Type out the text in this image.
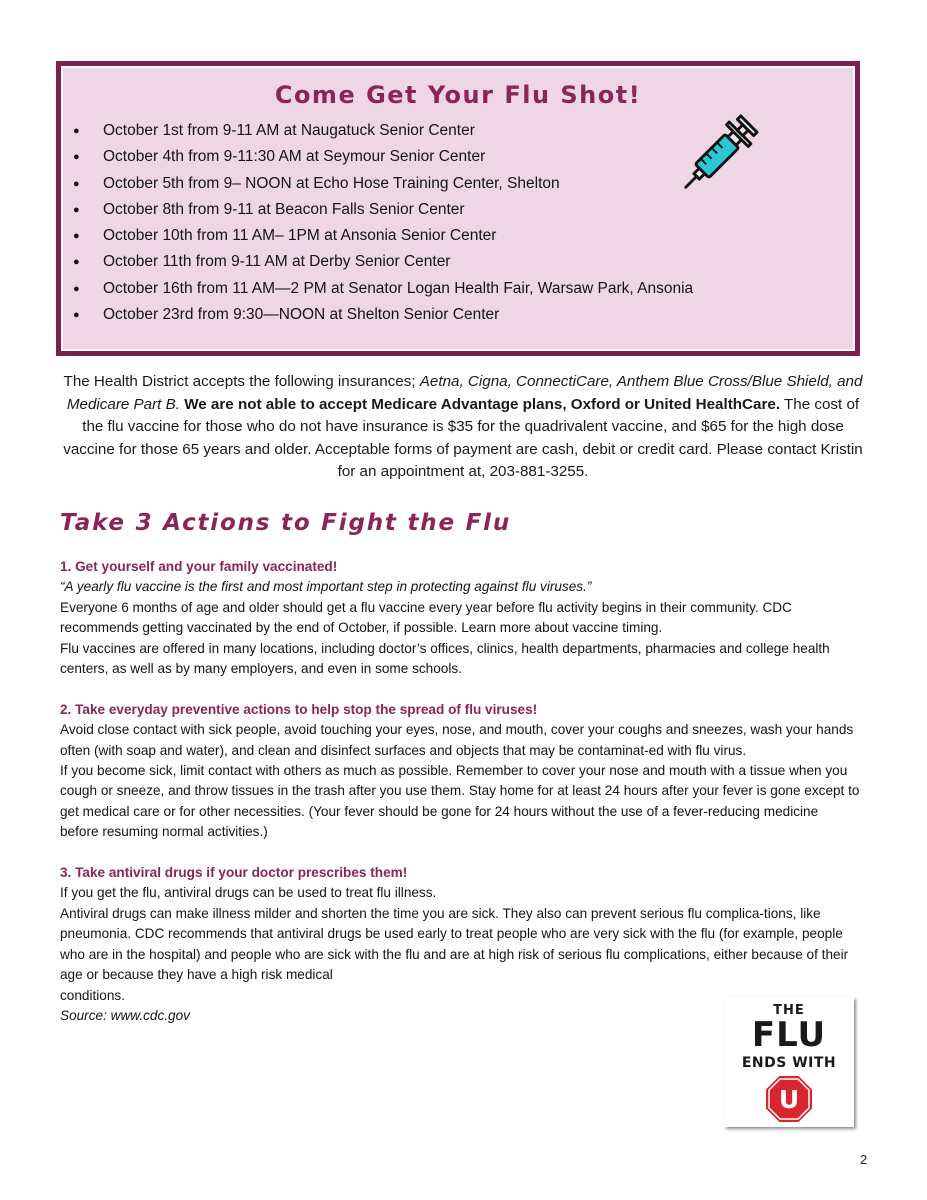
Come Get Your Flu Shot!
● October 1st from 9-11 AM at Naugatuck Senior Center
● October 4th from 9-11:30 AM at Seymour Senior Center
● October 5th from 9– NOON at Echo Hose Training Center, Shelton
● October 8th from 9-11 at Beacon Falls Senior Center
● October 10th from 11 AM– 1PM at Ansonia Senior Center
● October 11th from 9-11 AM at Derby Senior Center
● October 16th from 11 AM—2 PM at Senator Logan Health Fair, Warsaw Park, Ansonia
● October 23rd from 9:30—NOON at Shelton Senior Center
The Health District accepts the following insurances; Aetna, Cigna, ConnectiCare, Anthem Blue Cross/Blue Shield, and Medicare Part B. We are not able to accept Medicare Advantage plans, Oxford or United HealthCare. The cost of the flu vaccine for those who do not have insurance is $35 for the quadrivalent vaccine, and $65 for the high dose vaccine for those 65 years and older. Acceptable forms of payment are cash, debit or credit card. Please contact Kristin for an appointment at, 203-881-3255.
Take 3 Actions to Fight the Flu

1. Get yourself and your family vaccinated!

“A yearly flu vaccine is the first and most important step in protecting against flu viruses.”

Everyone 6 months of age and older should get a flu vaccine every year before flu activity begins in their community. CDC recommends getting vaccinated by the end of October, if possible. Learn more about vaccine timing.

Flu vaccines are offered in many locations, including doctor’s offices, clinics, health departments, pharmacies and college health centers, as well as by many employers, and even in some schools.

2. Take everyday preventive actions to help stop the spread of flu viruses!

Avoid close contact with sick people, avoid touching your eyes, nose, and mouth, cover your coughs and sneezes, wash your hands often (with soap and water), and clean and disinfect surfaces and objects that may be contaminat-ed with flu virus.

If you become sick, limit contact with others as much as possible. Remember to cover your nose and mouth with a tissue when you cough or sneeze, and throw tissues in the trash after you use them. Stay home for at least 24 hours after your fever is gone except to get medical care or for other necessities. (Your fever should be gone for 24 hours without the use of a fever-reducing medicine before resuming normal activities.)

3. Take antiviral drugs if your doctor prescribes them!

If you get the flu, antiviral drugs can be used to treat flu illness.

Antiviral drugs can make illness milder and shorten the time you are sick. They also can prevent serious flu complica-tions, like pneumonia. CDC recommends that antiviral drugs be used early to treat people who are very sick with the flu (for example, people who are in the hospital) and people who are sick with the flu and are at high risk of serious flu complications, either because of their age or because they have a high risk medical

conditions.

Source: www.cdc.gov	THE
FLU
ENDS WITH
U
2
